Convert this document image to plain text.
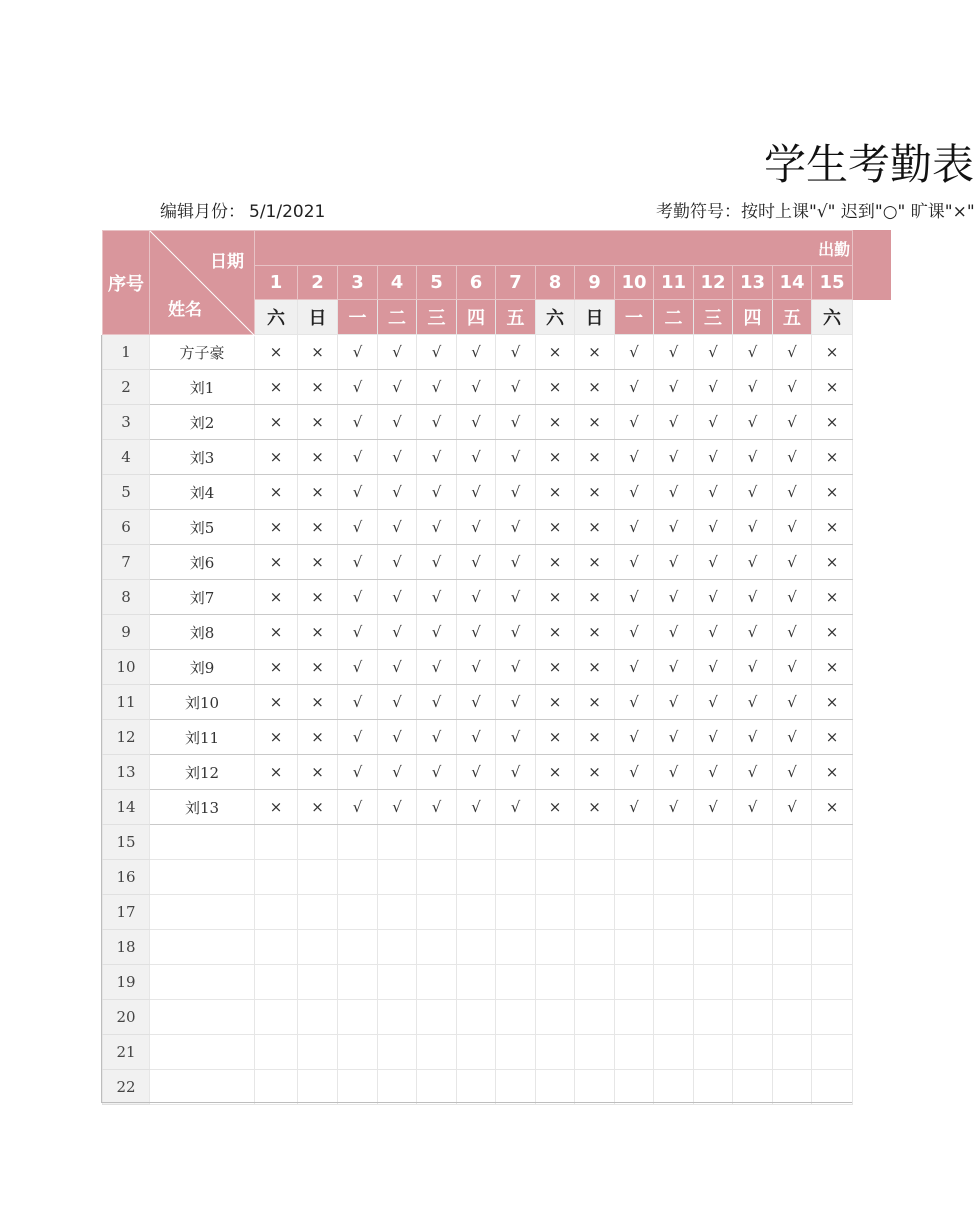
学生考勤表
编辑月份： 5/1/2021	考勤符号：按时上课"√" 迟到"○" 旷课"×"
序号	日期
姓名	出勤														

		1	2	3	4	5	6	7	8	9	10	11	12	13	14	15
		六	日	一	二	三	四	五	六	日	一	二	三	四	五	六
1	方子豪	×	×	√	√	√	√	√	×	×	√	√	√	√	√	×
2	刘1	×	×	√	√	√	√	√	×	×	√	√	√	√	√	×
3	刘2	×	×	√	√	√	√	√	×	×	√	√	√	√	√	×
4	刘3	×	×	√	√	√	√	√	×	×	√	√	√	√	√	×
5	刘4	×	×	√	√	√	√	√	×	×	√	√	√	√	√	×
6	刘5	×	×	√	√	√	√	√	×	×	√	√	√	√	√	×
7	刘6	×	×	√	√	√	√	√	×	×	√	√	√	√	√	×
8	刘7	×	×	√	√	√	√	√	×	×	√	√	√	√	√	×
9	刘8	×	×	√	√	√	√	√	×	×	√	√	√	√	√	×
10	刘9	×	×	√	√	√	√	√	×	×	√	√	√	√	√	×
11	刘10	×	×	√	√	√	√	√	×	×	√	√	√	√	√	×
12	刘11	×	×	√	√	√	√	√	×	×	√	√	√	√	√	×
13	刘12	×	×	√	√	√	√	√	×	×	√	√	√	√	√	×
14	刘13	×	×	√	√	√	√	√	×	×	√	√	√	√	√	×
15																
16																
17																
18																
19																
20																
21																
22																
